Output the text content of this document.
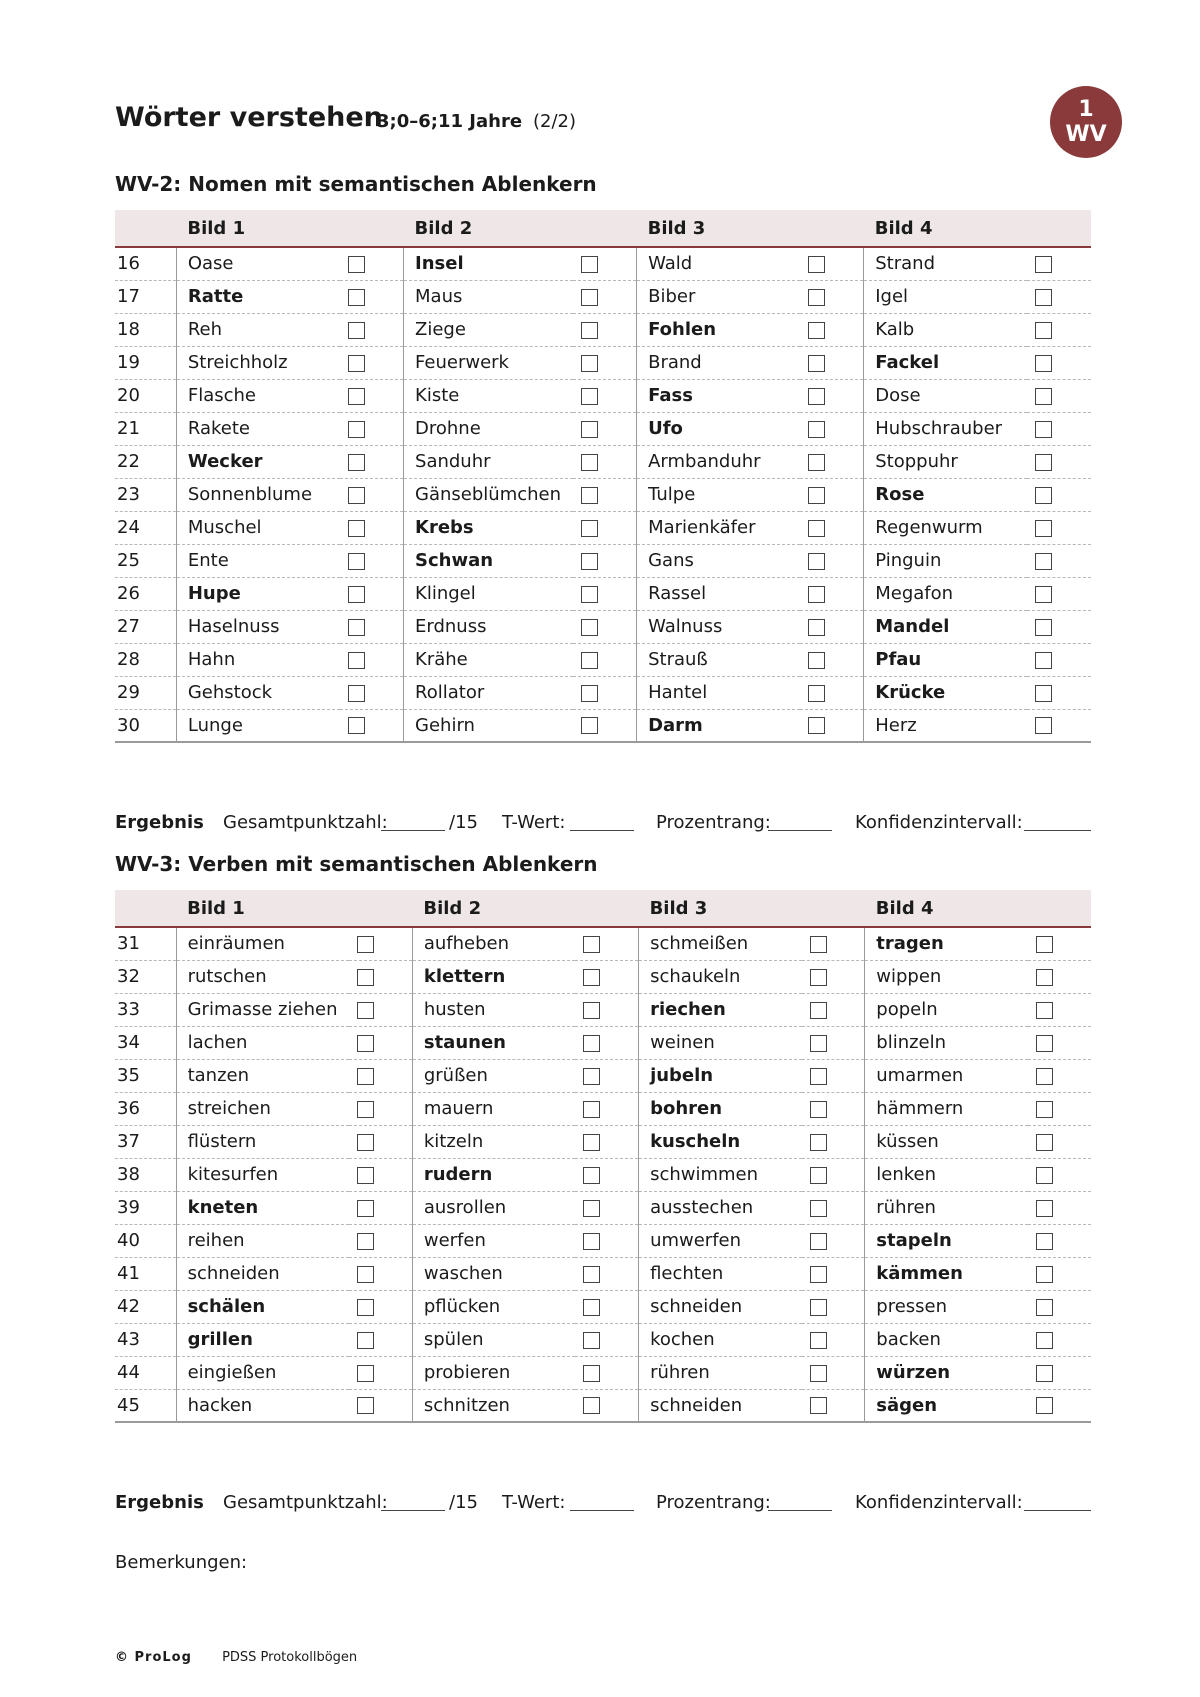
Wörter verstehen
3;0–6;11 Jahre (2/2)	1
WV
WV-2: Nomen mit semantischen Ablenkern
	Bild 1		Bild 2		Bild 3		Bild 4	
16	Oase		Insel		Wald		Strand	
17	Ratte		Maus		Biber		Igel	
18	Reh		Ziege		Fohlen		Kalb	
19	Streichholz		Feuerwerk		Brand		Fackel	
20	Flasche		Kiste		Fass		Dose	
21	Rakete		Drohne		Ufo		Hubschrauber	
22	Wecker		Sanduhr		Armbanduhr		Stoppuhr	
23	Sonnenblume		Gänseblümchen		Tulpe		Rose	
24	Muschel		Krebs		Marienkäfer		Regenwurm	
25	Ente		Schwan		Gans		Pinguin	
26	Hupe		Klingel		Rassel		Megafon	
27	Haselnuss		Erdnuss		Walnuss		Mandel	
28	Hahn		Krähe		Strauß		Pfau	
29	Gehstock		Rollator		Hantel		Krücke	
30	Lunge		Gehirn		Darm		Herz	
Ergebnis Gesamtpunktzahl:	/15 T-Wert:	Prozentrang:	Konfidenzintervall:
WV-3: Verben mit semantischen Ablenkern
	Bild 1		Bild 2		Bild 3		Bild 4	
31	einräumen		aufheben		schmeißen		tragen	
32	rutschen		klettern		schaukeln		wippen	
33	Grimasse ziehen		husten		riechen		popeln	
34	lachen		staunen		weinen		blinzeln	
35	tanzen		grüßen		jubeln		umarmen	
36	streichen		mauern		bohren		hämmern	
37	flüstern		kitzeln		kuscheln		küssen	
38	kitesurfen		rudern		schwimmen		lenken	
39	kneten		ausrollen		ausstechen		rühren	
40	reihen		werfen		umwerfen		stapeln	
41	schneiden		waschen		flechten		kämmen	
42	schälen		pflücken		schneiden		pressen	
43	grillen		spülen		kochen		backen	
44	eingießen		probieren		rühren		würzen	
45	hacken		schnitzen		schneiden		sägen	
Ergebnis Gesamtpunktzahl:	/15 T-Wert:	Prozentrang:	Konfidenzintervall:
Bemerkungen:
© ProLog PDSS Protokollbögen
